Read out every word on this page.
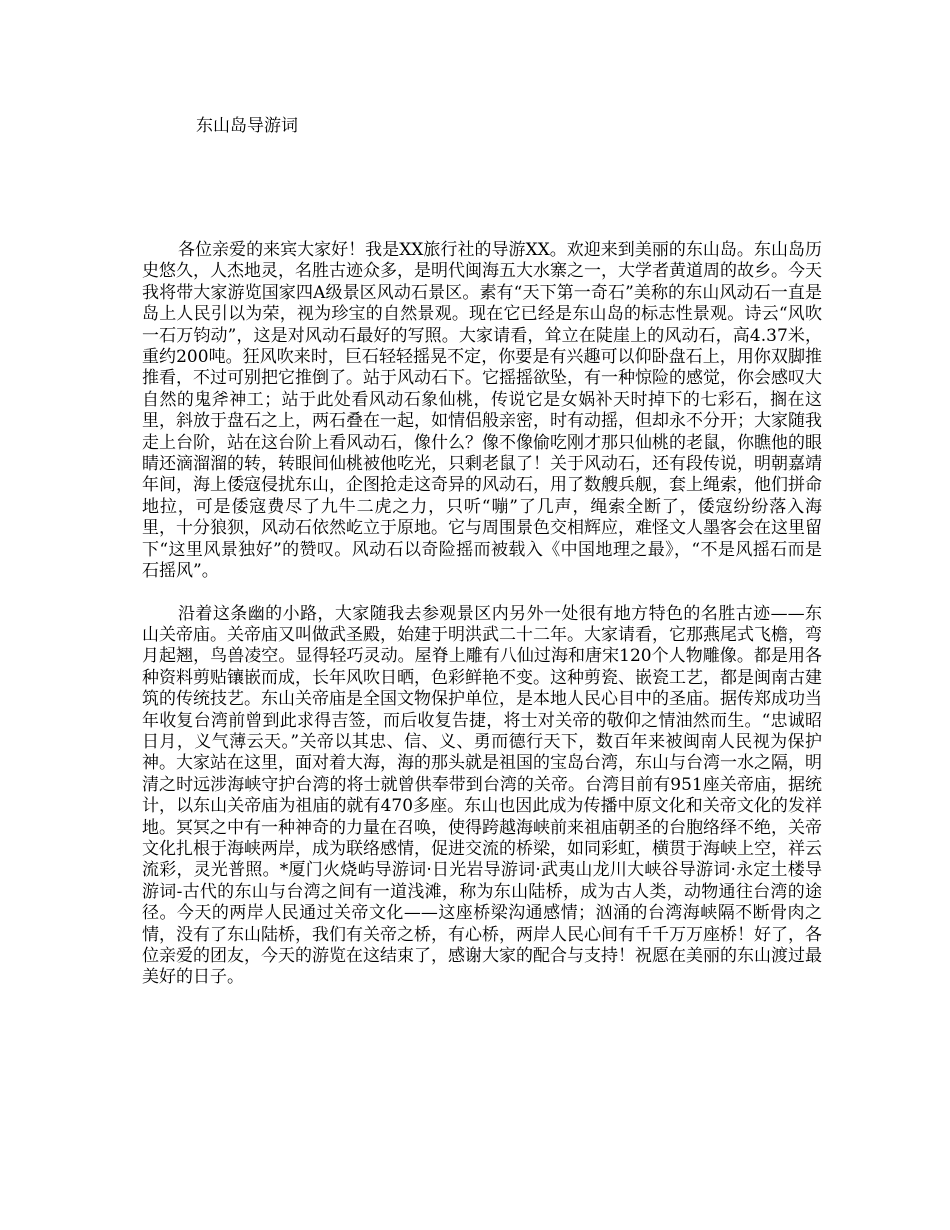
东山岛导游词

各位亲爱的来宾大家好！我是XX旅行社的导游XX。欢迎来到美丽的东山岛。东山岛历史悠久，人杰地灵，名胜古迹众多，是明代闽海五大水寨之一，大学者黄道周的故乡。今天我将带大家游览国家四A级景区风动石景区。素有“天下第一奇石”美称的东山风动石一直是岛上人民引以为荣，视为珍宝的自然景观。现在它已经是东山岛的标志性景观。诗云“风吹一石万钧动”，这是对风动石最好的写照。大家请看，耸立在陡崖上的风动石，高4.37米，重约200吨。狂风吹来时，巨石轻轻摇晃不定，你要是有兴趣可以仰卧盘石上，用你双脚推推看，不过可别把它推倒了。站于风动石下。它摇摇欲坠，有一种惊险的感觉，你会感叹大自然的鬼斧神工；站于此处看风动石象仙桃，传说它是女娲补天时掉下的七彩石，搁在这里，斜放于盘石之上，两石叠在一起，如情侣般亲密，时有动摇，但却永不分开；大家随我走上台阶，站在这台阶上看风动石，像什么？像不像偷吃刚才那只仙桃的老鼠，你瞧他的眼睛还滴溜溜的转，转眼间仙桃被他吃光，只剩老鼠了！关于风动石，还有段传说，明朝嘉靖年间，海上倭寇侵扰东山，企图抢走这奇异的风动石，用了数艘兵舰，套上绳索，他们拼命地拉，可是倭寇费尽了九牛二虎之力，只听“嘣”了几声，绳索全断了，倭寇纷纷落入海里，十分狼狈，风动石依然屹立于原地。它与周围景色交相辉应，难怪文人墨客会在这里留下“这里风景独好”的赞叹。风动石以奇险摇而被载入《中国地理之最》，“不是风摇石而是石摇风”。

沿着这条幽的小路，大家随我去参观景区内另外一处很有地方特色的名胜古迹——东山关帝庙。关帝庙又叫做武圣殿，始建于明洪武二十二年。大家请看，它那燕尾式飞檐，弯月起翘，鸟兽凌空。显得轻巧灵动。屋脊上雕有八仙过海和唐宋120个人物雕像。都是用各种资料剪贴镶嵌而成，长年风吹日晒，色彩鲜艳不变。这种剪瓷、嵌瓷工艺，都是闽南古建筑的传统技艺。东山关帝庙是全国文物保护单位，是本地人民心目中的圣庙。据传郑成功当年收复台湾前曾到此求得吉签，而后收复告捷，将士对关帝的敬仰之情油然而生。“忠诚昭日月，义气薄云天。”关帝以其忠、信、义、勇而德行天下，数百年来被闽南人民视为保护神。大家站在这里，面对着大海，海的那头就是祖国的宝岛台湾，东山与台湾一水之隔，明清之时远涉海峡守护台湾的将士就曾供奉带到台湾的关帝。台湾目前有951座关帝庙，据统计，以东山关帝庙为祖庙的就有470多座。东山也因此成为传播中原文化和关帝文化的发祥地。冥冥之中有一种神奇的力量在召唤，使得跨越海峡前来祖庙朝圣的台胞络绎不绝，关帝文化扎根于海峡两岸，成为联络感情，促进交流的桥梁，如同彩虹，横贯于海峡上空，祥云流彩，灵光普照。*厦门火烧屿导游词·日光岩导游词·武夷山龙川大峡谷导游词·永定土楼导游词-古代的东山与台湾之间有一道浅滩，称为东山陆桥，成为古人类，动物通往台湾的途径。今天的两岸人民通过关帝文化——这座桥梁沟通感情；汹涌的台湾海峡隔不断骨肉之情，没有了东山陆桥，我们有关帝之桥，有心桥，两岸人民心间有千千万万座桥！好了，各位亲爱的团友，今天的游览在这结束了，感谢大家的配合与支持！祝愿在美丽的东山渡过最美好的日子。
